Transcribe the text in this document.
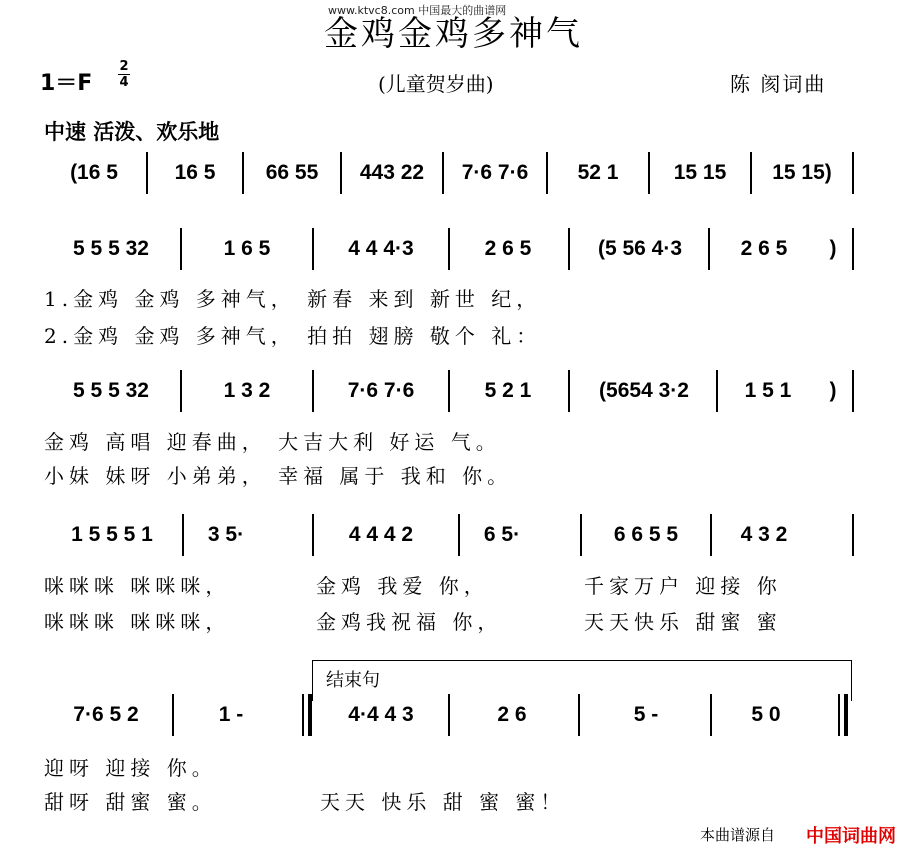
www.ktvc8.com 中国最大的曲谱网
金鸡金鸡多神气
1＝F
2
4	(儿童贺岁曲)	陈 阂词曲
中速 活泼、欢乐地
(16 5	16 5	66 55	443 22	7·6 7·6	52 1	15 15	15 15)
5 5 5 32	1 6 5	4 4 4·3	2 6 5	(5 56 4·3	2 6 5	)
1.金鸡 金鸡 多神气， 新春 来到 新世 纪，
2.金鸡 金鸡 多神气， 拍拍 翅膀 敬个 礼：
5 5 5 32	1 3 2	7·6 7·6	5 2 1	(5654 3·2	1 5 1	)
金鸡 高唱 迎春曲， 大吉大利 好运 气。
小妹 妹呀 小弟弟， 幸福 属于 我和 你。
1 5 5 5 1	3 5·	4 4 4 2	6 5·	6 6 5 5	4 3 2
咪咪咪 咪咪咪，	金鸡 我爱 你，	千家万户 迎接 你
咪咪咪 咪咪咪，	金鸡我祝福 你，	天天快乐 甜蜜 蜜
结束句
7·6 5 2	1 -	4·4 4 3	2 6	5 -	5 0
迎呀 迎接 你。
甜呀 甜蜜 蜜。	天天 快乐 甜 蜜 蜜！
本曲谱源自 中国词曲网
